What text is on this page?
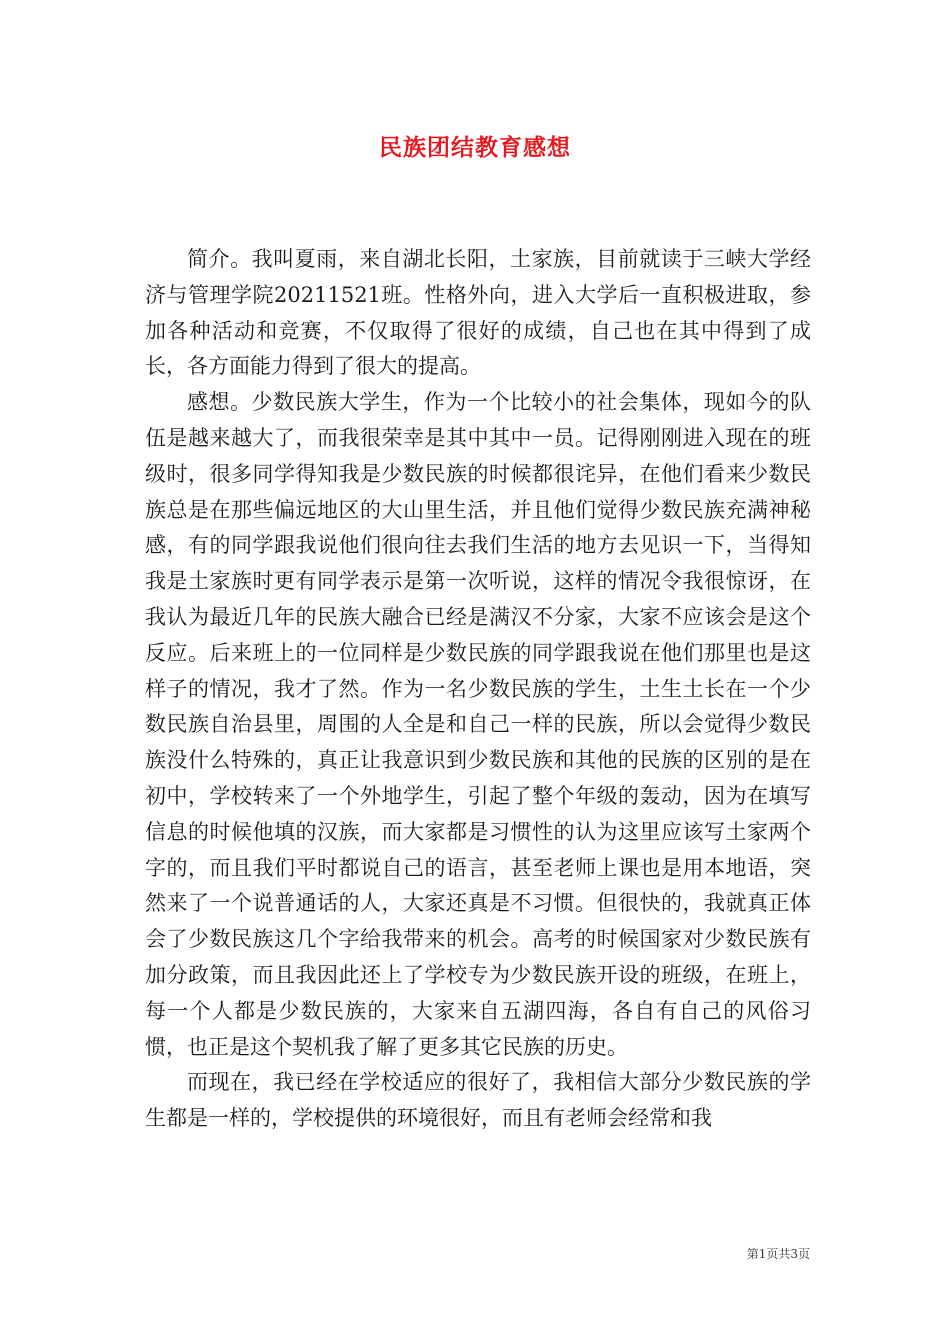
民族团结教育感想

简介。我叫夏雨，来自湖北长阳，土家族，目前就读于三峡大学经济与管理学院20211521班。性格外向，进入大学后一直积极进取，参加各种活动和竞赛，不仅取得了很好的成绩，自己也在其中得到了成长，各方面能力得到了很大的提高。

感想。少数民族大学生，作为一个比较小的社会集体，现如今的队伍是越来越大了，而我很荣幸是其中其中一员。记得刚刚进入现在的班级时，很多同学得知我是少数民族的时候都很诧异，在他们看来少数民族总是在那些偏远地区的大山里生活，并且他们觉得少数民族充满神秘感，有的同学跟我说他们很向往去我们生活的地方去见识一下，当得知我是土家族时更有同学表示是第一次听说，这样的情况令我很惊讶，在我认为最近几年的民族大融合已经是满汉不分家，大家不应该会是这个反应。后来班上的一位同样是少数民族的同学跟我说在他们那里也是这样子的情况，我才了然。作为一名少数民族的学生，土生土长在一个少数民族自治县里，周围的人全是和自己一样的民族，所以会觉得少数民族没什么特殊的，真正让我意识到少数民族和其他的民族的区别的是在初中，学校转来了一个外地学生，引起了整个年级的轰动，因为在填写信息的时候他填的汉族，而大家都是习惯性的认为这里应该写土家两个字的，而且我们平时都说自己的语言，甚至老师上课也是用本地语，突然来了一个说普通话的人，大家还真是不习惯。但很快的，我就真正体会了少数民族这几个字给我带来的机会。高考的时候国家对少数民族有加分政策，而且我因此还上了学校专为少数民族开设的班级，在班上，每一个人都是少数民族的，大家来自五湖四海，各自有自己的风俗习惯，也正是这个契机我了解了更多其它民族的历史。

而现在，我已经在学校适应的很好了，我相信大部分少数民族的学生都是一样的，学校提供的环境很好，而且有老师会经常和我

第1页共3页
